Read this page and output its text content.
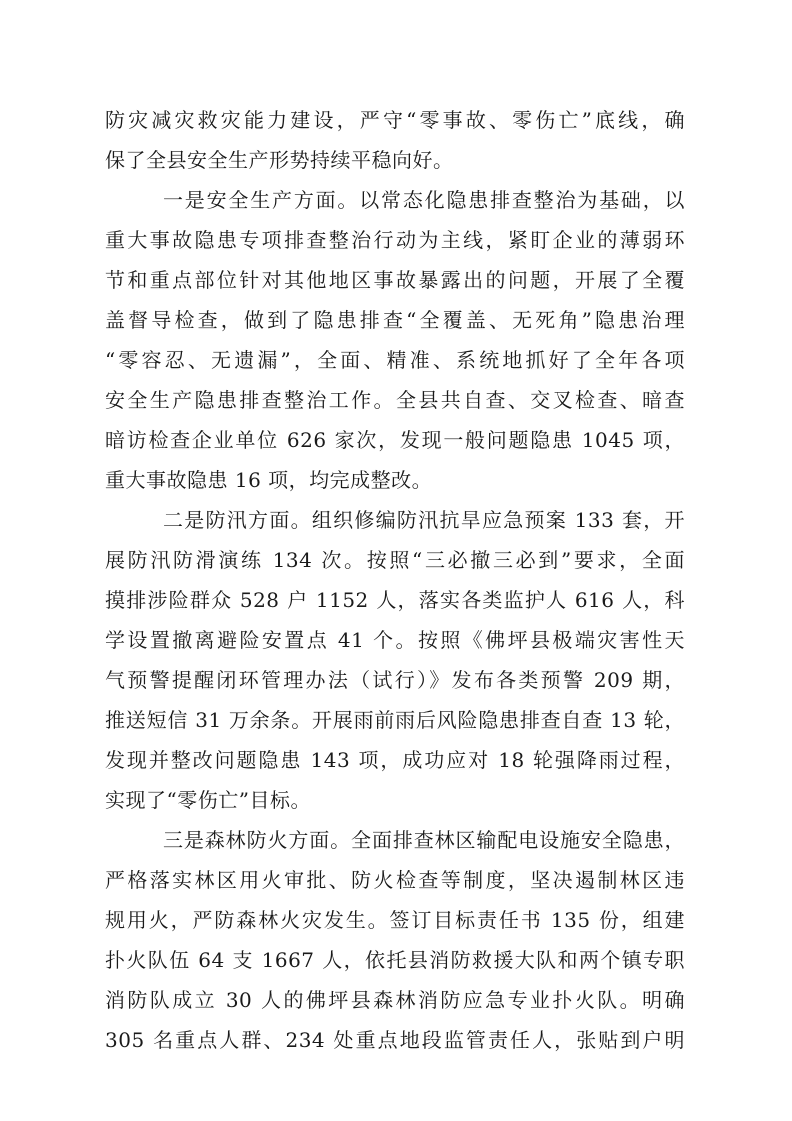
防灾减灾救灾能力建设，严守“零事故、零伤亡”底线，确
保了全县安全生产形势持续平稳向好。
一是安全生产方面。以常态化隐患排查整治为基础，以
重大事故隐患专项排查整治行动为主线，紧盯企业的薄弱环
节和重点部位针对其他地区事故暴露出的问题，开展了全覆
盖督导检查，做到了隐患排查“全覆盖、无死角”隐患治理
“零容忍、无遗漏”，全面、精准、系统地抓好了全年各项
安全生产隐患排查整治工作。全县共自查、交叉检查、暗查
暗访检查企业单位 626 家次，发现一般问题隐患 1045 项，
重大事故隐患 16 项，均完成整改。
二是防汛方面。组织修编防汛抗旱应急预案 133 套，开
展防汛防滑演练 134 次。按照“三必撤三必到”要求，全面
摸排涉险群众 528 户 1152 人，落实各类监护人 616 人，科
学设置撤离避险安置点 41 个。按照《佛坪县极端灾害性天
气预警提醒闭环管理办法（试行）》发布各类预警 209 期，
推送短信 31 万余条。开展雨前雨后风险隐患排查自查 13 轮，
发现并整改问题隐患 143 项，成功应对 18 轮强降雨过程，
实现了“零伤亡”目标。
三是森林防火方面。全面排查林区输配电设施安全隐患，
严格落实林区用火审批、防火检查等制度，坚决遏制林区违
规用火，严防森林火灾发生。签订目标责任书 135 份，组建
扑火队伍 64 支 1667 人，依托县消防救援大队和两个镇专职
消防队成立 30 人的佛坪县森林消防应急专业扑火队。明确
305 名重点人群、234 处重点地段监管责任人，张贴到户明
